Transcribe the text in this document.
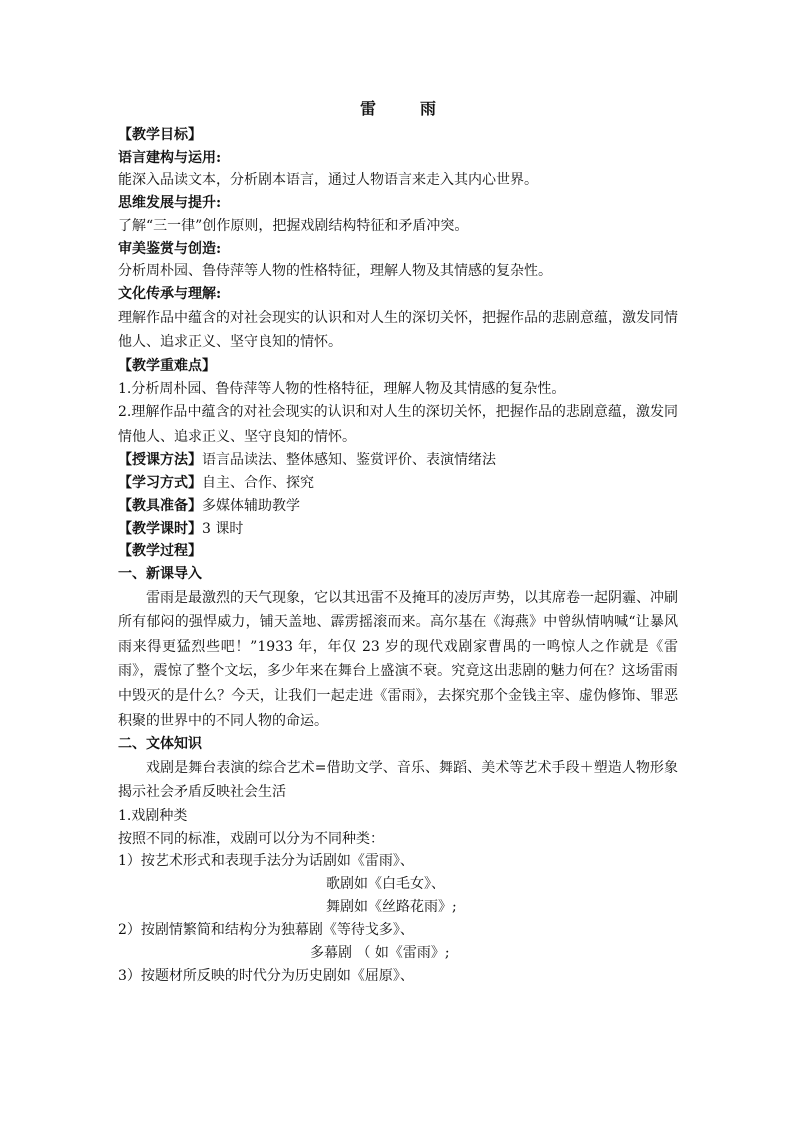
雷　雨
【教学目标】
语言建构与运用:
能深入品读文本，分析剧本语言，通过人物语言来走入其内心世界。
思维发展与提升:
了解“三一律”创作原则，把握戏剧结构特征和矛盾冲突。
审美鉴赏与创造:
分析周朴园、鲁侍萍等人物的性格特征，理解人物及其情感的复杂性。
文化传承与理解:
理解作品中蕴含的对社会现实的认识和对人生的深切关怀，把握作品的悲剧意蕴，激发同情他人、追求正义、坚守良知的情怀。
【教学重难点】
1.分析周朴园、鲁侍萍等人物的性格特征，理解人物及其情感的复杂性。
2.理解作品中蕴含的对社会现实的认识和对人生的深切关怀，把握作品的悲剧意蕴，激发同情他人、追求正义、坚守良知的情怀。
【授课方法】语言品读法、整体感知、鉴赏评价、表演情绪法
【学习方式】自主、合作、探究
【教具准备】多媒体辅助教学
【教学课时】3 课时
【教学过程】
一、新课导入
雷雨是最激烈的天气现象，它以其迅雷不及掩耳的凌厉声势，以其席卷一起阴霾、冲刷所有郁闷的强悍威力，铺天盖地、霹雳摇滚而来。高尔基在《海燕》中曾纵情呐喊“让暴风雨来得更猛烈些吧！”1933 年，年仅 23 岁的现代戏剧家曹禺的一鸣惊人之作就是《雷雨》，震惊了整个文坛，多少年来在舞台上盛演不衰。究竟这出悲剧的魅力何在？这场雷雨中毁灭的是什么？今天，让我们一起走进《雷雨》，去探究那个金钱主宰、虚伪修饰、罪恶积聚的世界中的不同人物的命运。
二、文体知识
戏剧是舞台表演的综合艺术=借助文学、音乐、舞蹈、美术等艺术手段＋塑造人物形象揭示社会矛盾反映社会生活
1.戏剧种类
按照不同的标准，戏剧可以分为不同种类：
1）按艺术形式和表现手法分为话剧如《雷雨》、
歌剧如《白毛女》、
舞剧如《丝路花雨》;
2）按剧情繁简和结构分为独幕剧《等待戈多》、
多幕剧 （ 如《雷雨》;
3）按题材所反映的时代分为历史剧如《屈原》、
